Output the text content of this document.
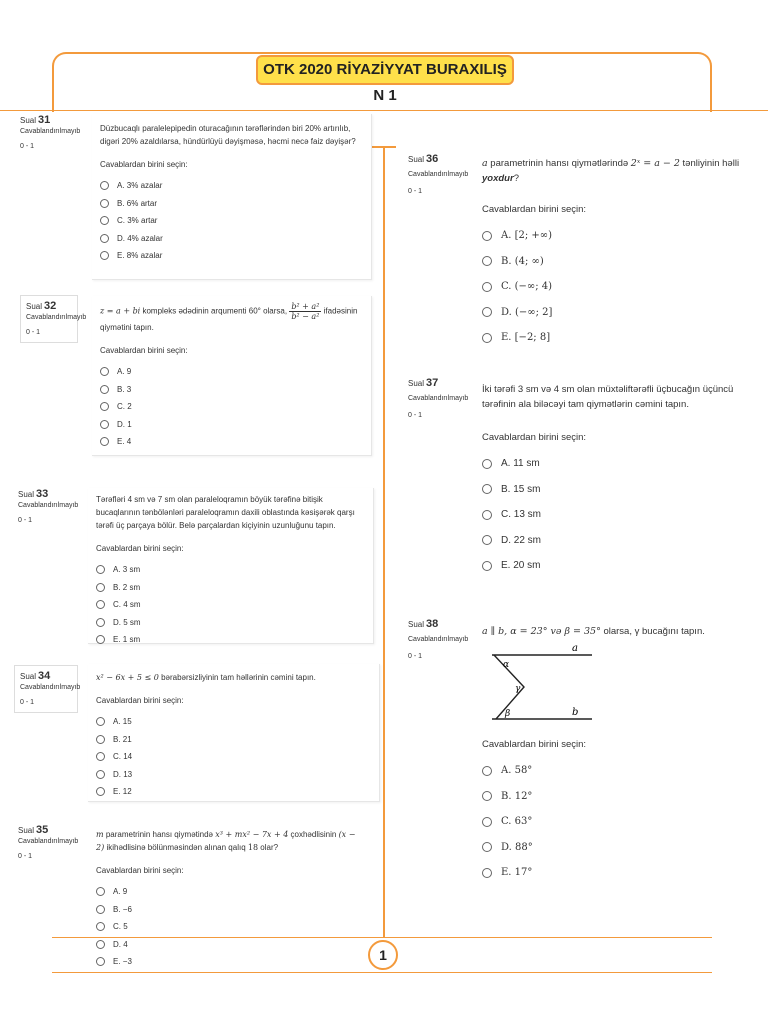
OTK 2020 RİYAZİYYAT BURAXILIŞ N 1
1
Sual 31
Cavablandırılmayıb
0 - 1
Düzbucaqlı paralelepipedin oturacağının tərəflərindən biri 20% artırılıb, digəri 20% azaldılarsa, hündürlüyü dəyişməsə, həcmi necə faiz dəyişər?
Cavablardan birini seçin:
A. 3% azalar
B. 6% artar
C. 3% artar
D. 4% azalar
E. 8% azalar
Sual 32
Cavablandırılmayıb
0 - 1
z = a + bi kompleks ədədinin arqumenti 60° olarsa, $\frac{\text{b² + a²}}{\text{b² − a²}}$ ifadəsinin qiymətini tapın.
Cavablardan birini seçin:
A. 9
B. 3
C. 2
D. 1
E. 4
Sual 33
Cavablandırılmayıb
0 - 1
Tərəfləri 4 sm və 7 sm olan paraleloqramın böyük tərəfinə bitişik bucaqlarının tənbölənləri paraleloqramın daxili oblastında kəsişərək qarşı tərəfi üç parçaya bölür. Belə parçalardan kiçiyinin uzunluğunu tapın.
Cavablardan birini seçin:
A. 3 sm
B. 2 sm
C. 4 sm
D. 5 sm
E. 1 sm
Sual 34
Cavablandırılmayıb
0 - 1
x² − 6x + 5 ≤ 0 bərabərsizliyinin tam həllərinin cəmini tapın.
Cavablardan birini seçin:
A. 15
B. 21
C. 14
D. 13
E. 12
Sual 35
Cavablandırılmayıb
0 - 1
m parametrinin hansı qiymətində x³ + mx² − 7x + 4 çoxhədlisinin (x − 2) ikihədlisinə bölünməsindən alınan qalıq 18 olar?
Cavablardan birini seçin:
A. 9
B. −6
C. 5
D. 4
E. −3
Sual 36
Cavablandırılmayıb
0 - 1
a parametrinin hansı qiymətlərində 2ˣ = a − 2 tənliyinin həlli yoxdur?
Cavablardan birini seçin:
A. [2; +∞)
B. (4; ∞)
C. (−∞; 4)
D. (−∞; 2]
E. [−2; 8]
Sual 37
Cavablandırılmayıb
0 - 1
İki tərəfi 3 sm və 4 sm olan müxtəliftərəfli üçbucağın üçüncü tərəfinin ala biləcəyi tam qiymətlərin cəmini tapın.
Cavablardan birini seçin:
A. 11 sm
B. 15 sm
C. 13 sm
D. 22 sm
E. 20 sm
Sual 38
Cavablandırılmayıb
0 - 1
a ∥ b, α = 23° və β = 35° olarsa, γ bucağını tapın.
a
b
α
γ
β
Cavablardan birini seçin:
A. 58°
B. 12°
C. 63°
D. 88°
E. 17°
